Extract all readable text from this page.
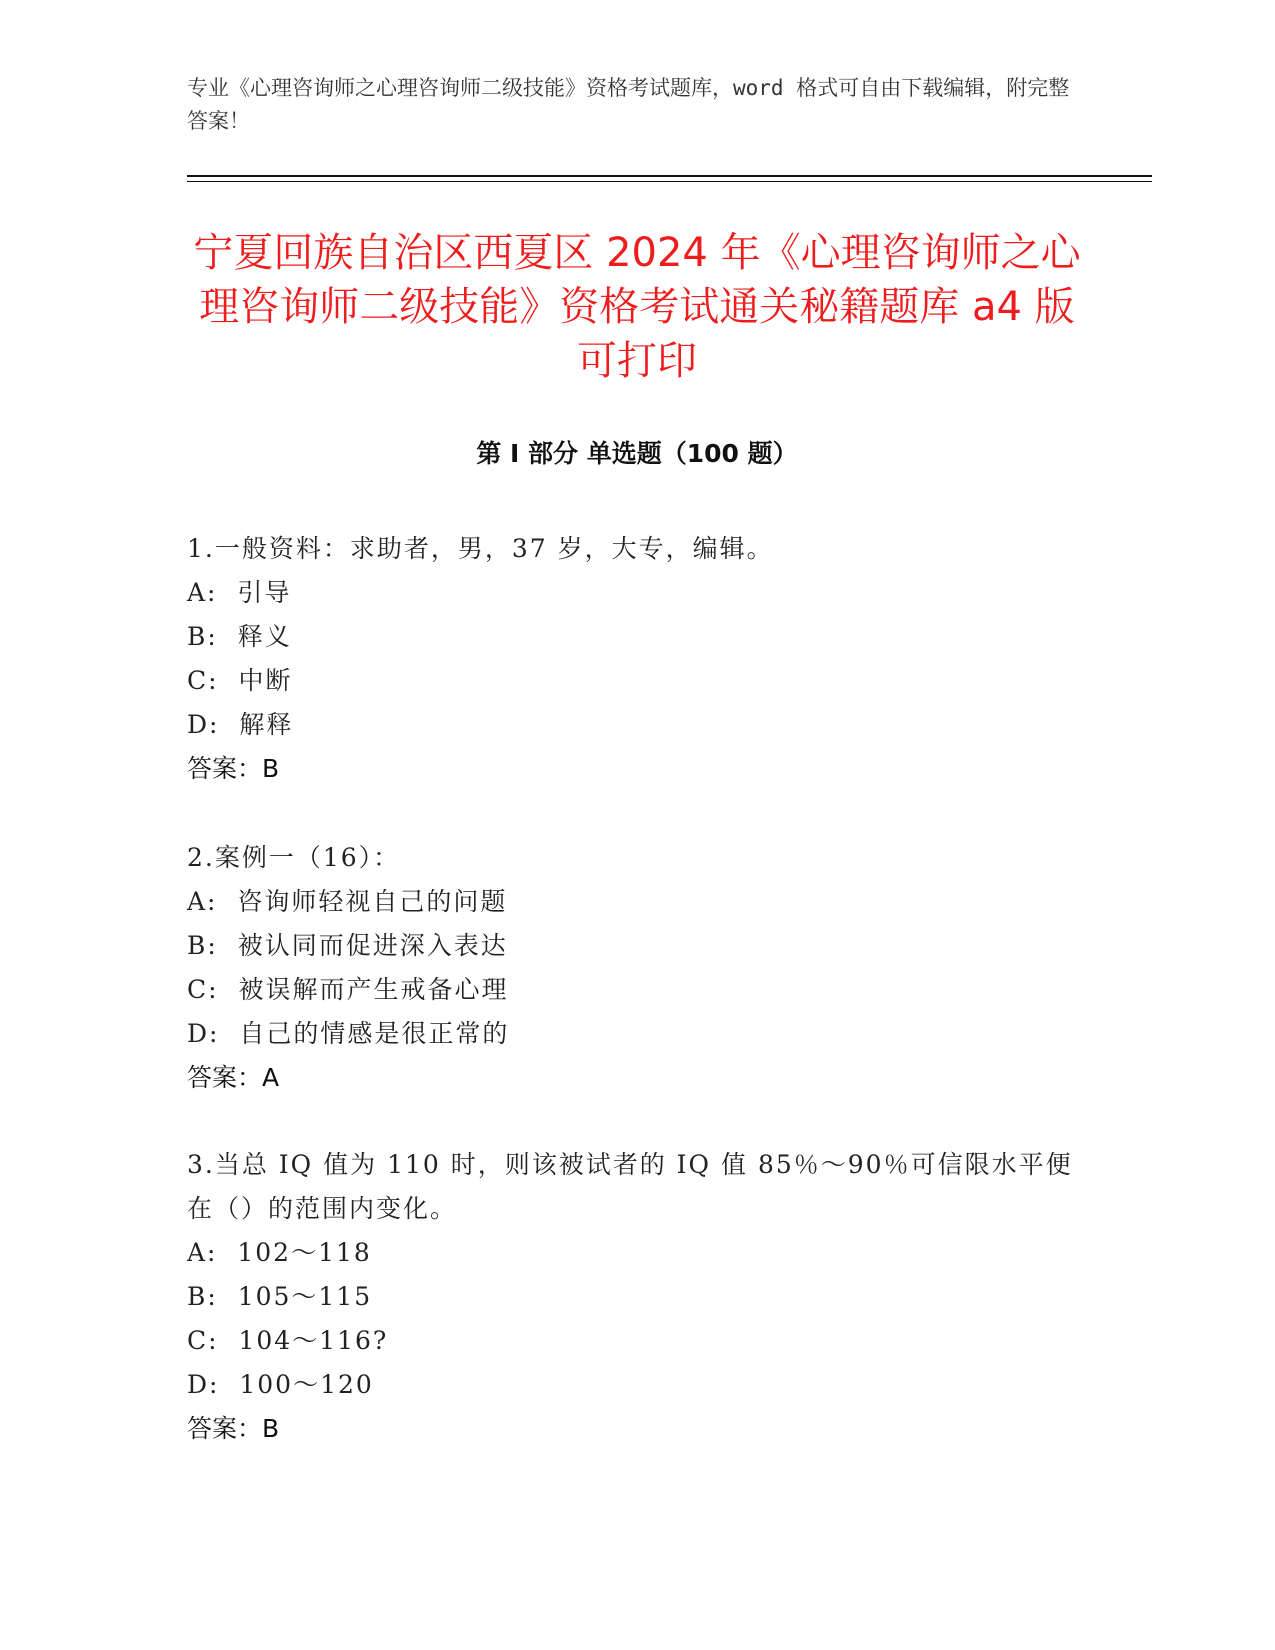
专业《心理咨询师之心理咨询师二级技能》资格考试题库，word 格式可自由下载编辑，附完整答案！
宁夏回族自治区西夏区 2024 年《心理咨询师之心理咨询师二级技能》资格考试通关秘籍题库 a4 版可打印
第 I 部分 单选题（100 题）
1.一般资料：求助者，男，37 岁，大专，编辑。
A:  引导
B:  释义
C:  中断
D:  解释
答案：B
2.案例一（16）：
A:  咨询师轻视自己的问题
B:  被认同而促进深入表达
C:  被误解而产生戒备心理
D:  自己的情感是很正常的
答案：A
3.当总 IQ 值为 110 时，则该被试者的 IQ 值 85％～90％可信限水平便在（）的范围内变化。
A:  102～118
B:  105～115
C:  104～116?
D:  100～120
答案：B
